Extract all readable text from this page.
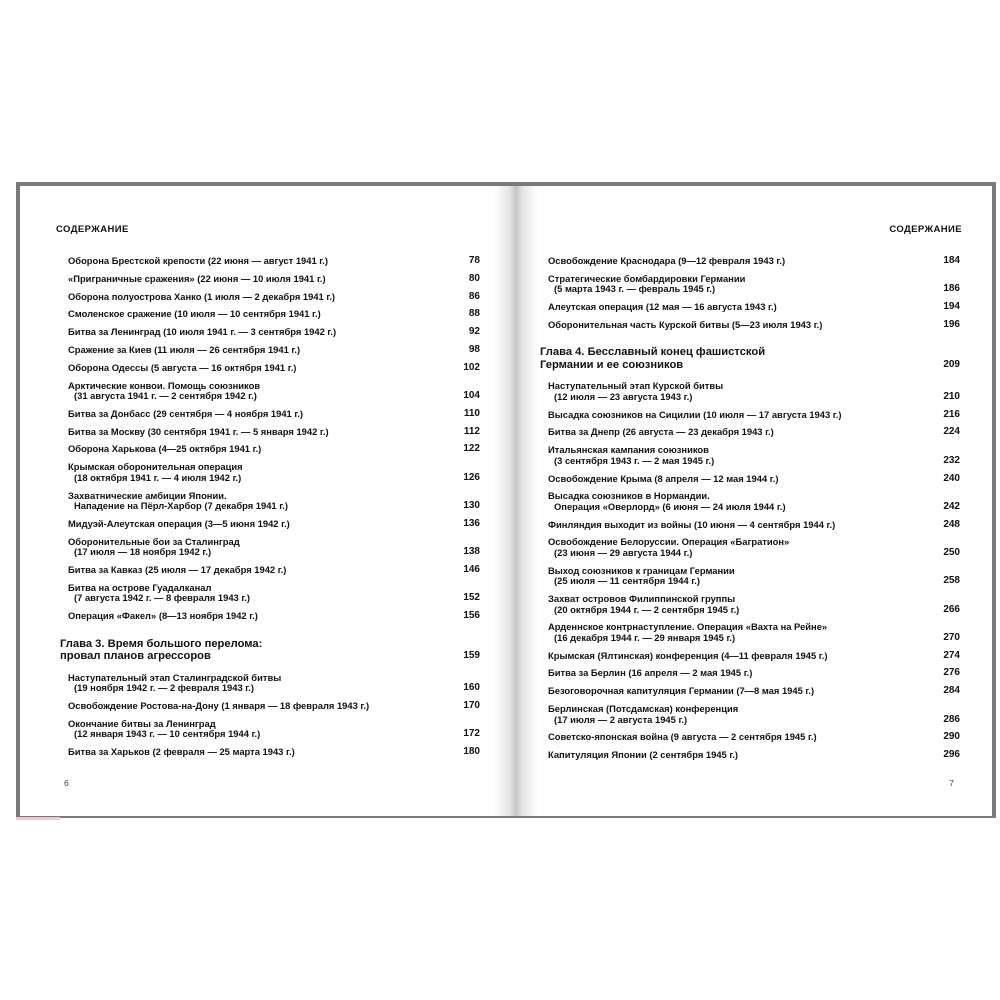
СОДЕРЖАНИЕ
Оборона Брестской крепости (22 июня — август 1941 г.)	78
«Приграничные сражения» (22 июня — 10 июля 1941 г.)	80
Оборона полуострова Ханко (1 июля — 2 декабря 1941 г.)	86
Смоленское сражение (10 июля — 10 сентября 1941 г.)	88
Битва за Ленинград (10 июля 1941 г. — 3 сентября 1942 г.)	92
Сражение за Киев (11 июля — 26 сентября 1941 г.)	98
Оборона Одессы (5 августа — 16 октября 1941 г.)	102
Арктические конвои. Помощь союзников
(31 августа 1941 г. — 2 сентября 1942 г.)	104
Битва за Донбасс (29 сентября — 4 ноября 1941 г.)	110
Битва за Москву (30 сентября 1941 г. — 5 января 1942 г.)	112
Оборона Харькова (4—25 октября 1941 г.)	122
Крымская оборонительная операция
(18 октября 1941 г. — 4 июля 1942 г.)	126
Захватнические амбиции Японии.
Нападение на Пёрл-Харбор (7 декабря 1941 г.)	130
Мидуэй-Алеутская операция (3—5 июня 1942 г.)	136
Оборонительные бои за Сталинград
(17 июля — 18 ноября 1942 г.)	138
Битва за Кавказ (25 июля — 17 декабря 1942 г.)	146
Битва на острове Гуадалканал
(7 августа 1942 г. — 8 февраля 1943 г.)	152
Операция «Факел» (8—13 ноября 1942 г.)	156
Глава 3. Время большого перелома:
провал планов агрессоров	159
Наступательный этап Сталинградской битвы
(19 ноября 1942 г. — 2 февраля 1943 г.)	160
Освобождение Ростова-на-Дону (1 января — 18 февраля 1943 г.)	170
Окончание битвы за Ленинград
(12 января 1943 г. — 10 сентября 1944 г.)	172
Битва за Харьков (2 февраля — 25 марта 1943 г.)	180
6
СОДЕРЖАНИЕ
Освобождение Краснодара (9—12 февраля 1943 г.)	184
Стратегические бомбардировки Германии
(5 марта 1943 г. — февраль 1945 г.)	186
Алеутская операция (12 мая — 16 августа 1943 г.)	194
Оборонительная часть Курской битвы (5—23 июля 1943 г.)	196
Глава 4. Бесславный конец фашистской
Германии и ее союзников	209
Наступательный этап Курской битвы
(12 июля — 23 августа 1943 г.)	210
Высадка союзников на Сицилии (10 июля — 17 августа 1943 г.)	216
Битва за Днепр (26 августа — 23 декабря 1943 г.)	224
Итальянская кампания союзников
(3 сентября 1943 г. — 2 мая 1945 г.)	232
Освобождение Крыма (8 апреля — 12 мая 1944 г.)	240
Высадка союзников в Нормандии.
Операция «Оверлорд» (6 июня — 24 июля 1944 г.)	242
Финляндия выходит из войны (10 июня — 4 сентября 1944 г.)	248
Освобождение Белоруссии. Операция «Багратион»
(23 июня — 29 августа 1944 г.)	250
Выход союзников к границам Германии
(25 июля — 11 сентября 1944 г.)	258
Захват островов Филиппинской группы
(20 октября 1944 г. — 2 сентября 1945 г.)	266
Арденнское контрнаступление. Операция «Вахта на Рейне»
(16 декабря 1944 г. — 29 января 1945 г.)	270
Крымская (Ялтинская) конференция (4—11 февраля 1945 г.)	274
Битва за Берлин (16 апреля — 2 мая 1945 г.)	276
Безоговорочная капитуляция Германии (7—8 мая 1945 г.)	284
Берлинская (Потсдамская) конференция
(17 июля — 2 августа 1945 г.)	286
Советско-японская война (9 августа — 2 сентября 1945 г.)	290
Капитуляция Японии (2 сентября 1945 г.)	296
7
